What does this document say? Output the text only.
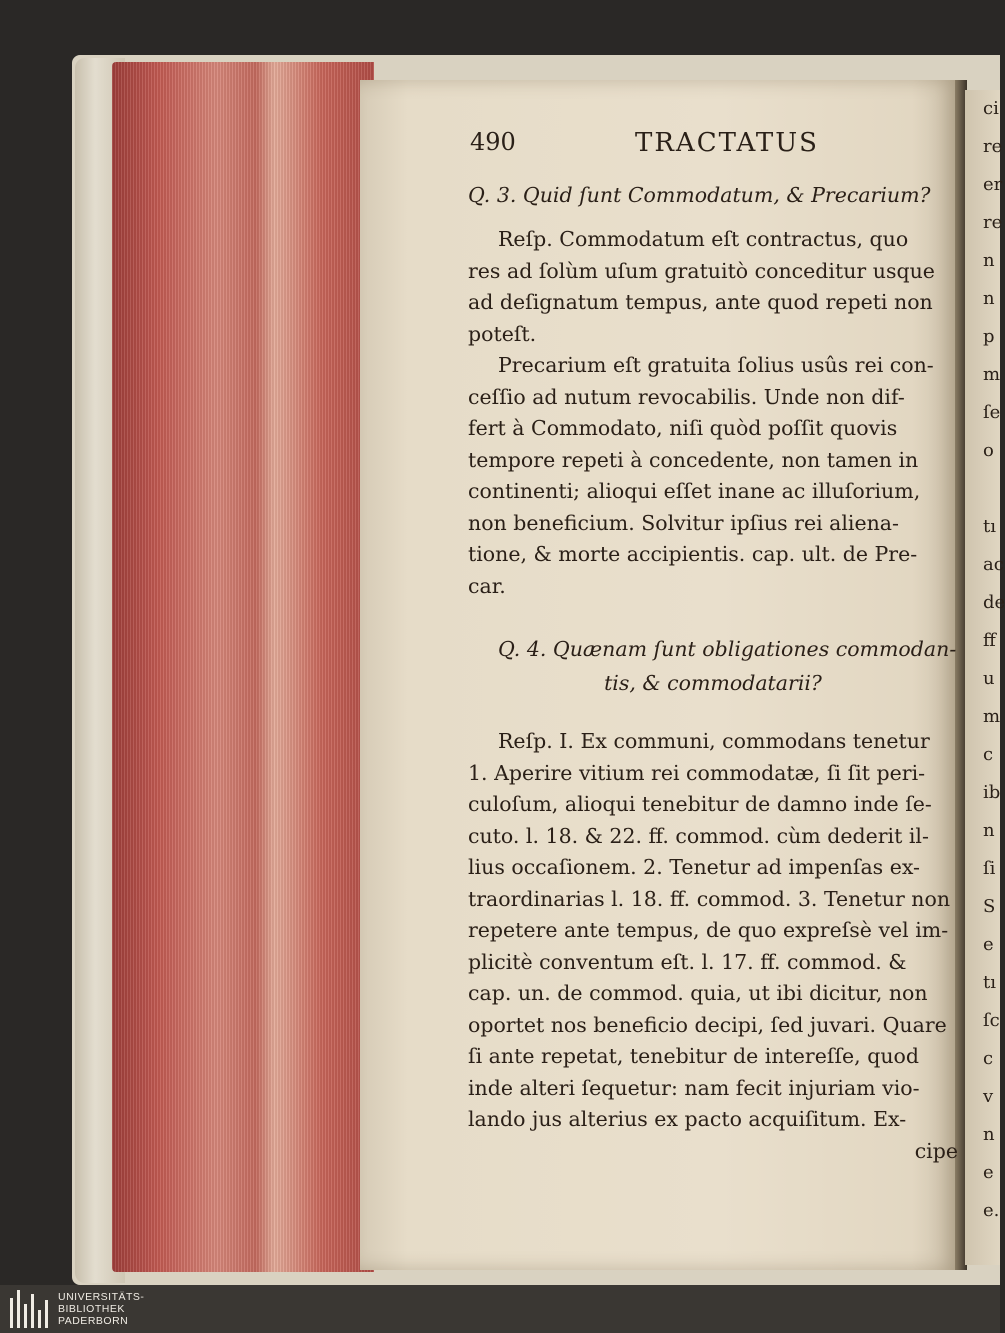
ci
re
er
re
n
n
p
m
ſe
o
tı
ac
de
ff
u
m
c
ib
n
ſi
S
e
tı
ſc
c
v
n
e
e.
490	TRACTATUS
Q. 3. Quid ſunt Commodatum, & Precarium?
Reſp. Commodatum eſt contractus, quo
res ad ſolùm uſum gratuitò conceditur usque
ad deſignatum tempus, ante quod repeti non
poteſt.
Precarium eſt gratuita ſolius usûs rei con-
ceſſio ad nutum revocabilis. Unde non dif-
fert à Commodato, niſi quòd poſſit quovis
tempore repeti à concedente, non tamen in
continenti; alioqui eſſet inane ac illuſorium,
non beneficium. Solvitur ipſius rei aliena-
tione, & morte accipientis. cap. ult. de Pre-
car.
Q. 4. Quænam ſunt obligationes commodan-
tis, & commodatarii?
Reſp. I. Ex communi, commodans tenetur
1. Aperire vitium rei commodatæ, ſi ſit peri-
culoſum, alioqui tenebitur de damno inde ſe-
cuto. l. 18. & 22. ff. commod. cùm dederit il-
lius occaſionem. 2. Tenetur ad impenſas ex-
traordinarias l. 18. ff. commod. 3. Tenetur non
repetere ante tempus, de quo expreſsè vel im-
plicitè conventum eſt. l. 17. ff. commod. &
cap. un. de commod. quia, ut ibi dicitur, non
oportet nos beneficio decipi, ſed juvari. Quare
ſi ante repetat, tenebitur de intereſſe, quod
inde alteri ſequetur: nam fecit injuriam vio-
lando jus alterius ex pacto acquiſitum. Ex-
cipe
UNIVERSITÄTS-
BIBLIOTHEK
PADERBORN
